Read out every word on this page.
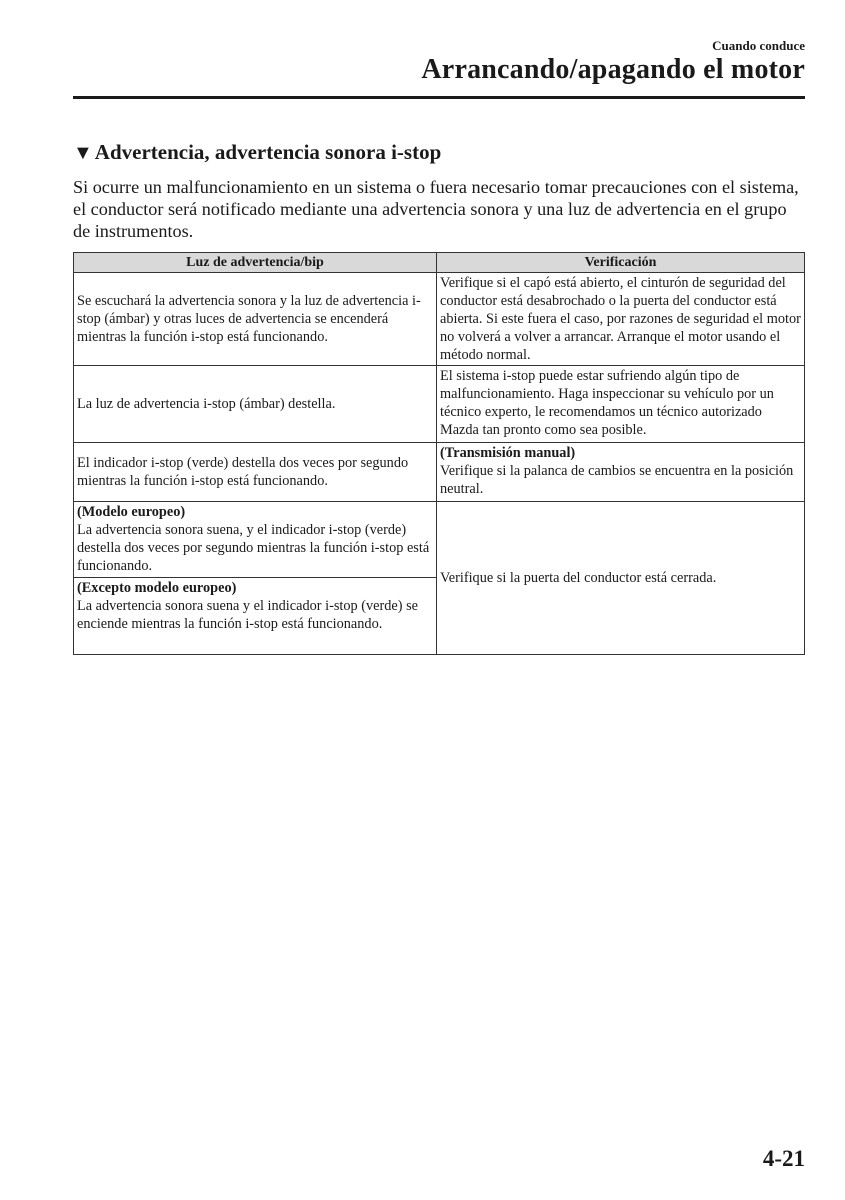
Cuando conduce
Arrancando/apagando el motor
▼Advertencia, advertencia sonora i-stop
Si ocurre un malfuncionamiento en un sistema o fuera necesario tomar precauciones con el sistema, el conductor será notificado mediante una advertencia sonora y una luz de advertencia en el grupo de instrumentos.
Luz de advertencia/bip	Verificación
Se escuchará la advertencia sonora y la luz de advertencia i-stop (ámbar) y otras luces de advertencia se encenderá mientras la función i-stop está funcionando.	Verifique si el capó está abierto, el cinturón de seguridad del conductor está desabrochado o la puerta del conductor está abierta. Si este fuera el caso, por razones de seguridad el motor no volverá a volver a arrancar. Arranque el motor usando el método normal.
La luz de advertencia i-stop (ámbar) destella.	El sistema i-stop puede estar sufriendo algún tipo de malfuncionamiento. Haga inspeccionar su vehículo por un técnico experto, le recomendamos un técnico autorizado Mazda tan pronto como sea posible.
El indicador i-stop (verde) destella dos veces por segundo mientras la función i-stop está funcionando.	(Transmisión manual)
Verifique si la palanca de cambios se encuentra en la posición neutral.

(Modelo europeo)
La advertencia sonora suena, y el indicador i-stop (verde) destella dos veces por segundo mientras la función i-stop está funcionando.	Verifique si la puerta del conductor está cerrada.

(Excepto modelo europeo)
La advertencia sonora suena y el indicador i-stop (verde) se enciende mientras la función i-stop está funcionando.	
4-21
